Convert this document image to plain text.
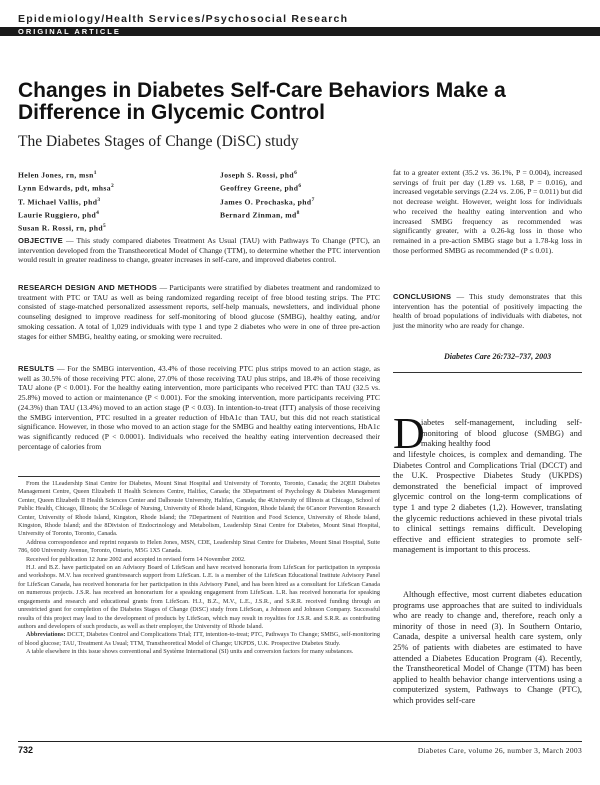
Epidemiology/Health Services/Psychosocial Research
ORIGINAL ARTICLE
Changes in Diabetes Self-Care Behaviors Make a Difference in Glycemic Control
The Diabetes Stages of Change (DiSC) study
Helen Jones, rn, msn$^1$
Lynn Edwards, pdt, mhsa$^2$
T. Michael Vallis, phd$^3$
Laurie Ruggiero, phd$^4$
Susan R. Rossi, rn, phd$^5$
Joseph S. Rossi, phd$^6$
Geoffrey Greene, phd$^6$
James O. Prochaska, phd$^7$
Bernard Zinman, $md^8$
OBJECTIVE — This study compared diabetes Treatment As Usual (TAU) with Pathways To Change (PTC), an intervention developed from the Transtheoretical Model of Change (TTM), to determine whether the PTC intervention would result in greater readiness to change, greater increases in self-care, and improved diabetes control.
RESEARCH DESIGN AND METHODS — Participants were stratified by diabetes treatment and randomized to treatment with PTC or TAU as well as being randomized regarding receipt of free blood testing strips. The PTC consisted of stage-matched personalized assessment reports, self-help manuals, newsletters, and individual phone counseling designed to improve readiness for self-monitoring of blood glucose (SMBG), healthy eating, and/or smoking cessation. A total of 1,029 individuals with type 1 and type 2 diabetes who were in one of three pre-action stages for either SMBG, healthy eating, or smoking were recruited.
RESULTS — For the SMBG intervention, 43.4% of those receiving PTC plus strips moved to an action stage, as well as 30.5% of those receiving PTC alone, 27.0% of those receiving TAU plus strips, and 18.4% of those receiving TAU alone (P < 0.001). For the healthy eating intervention, more participants who received PTC than TAU (32.5 vs. 25.8%) moved to action or maintenance (P < 0.001). For the smoking intervention, more participants receiving PTC (24.3%) than TAU (13.4%) moved to an action stage (P < 0.03). In intention-to-treat (ITT) analysis of those receiving the SMBG intervention, PTC resulted in a greater reduction of HbA1c than TAU, but this did not reach statistical significance. However, in those who moved to an action stage for the SMBG and healthy eating interventions, HbA1c was significantly reduced (P < 0.0001). Individuals who received the healthy eating intervention decreased their percentage of calories from
fat to a greater extent (35.2 vs. 36.1%, P = 0.004), increased servings of fruit per day (1.89 vs. 1.68, P = 0.016), and increased vegetable servings (2.24 vs. 2.06, P = 0.011) but did not decrease weight. However, weight loss for individuals who received the healthy eating intervention and who increased SMBG frequency as recommended was significantly greater, with a 0.26-kg loss in those who remained in a pre-action SMBG stage but a 1.78-kg loss in those performed SMBG as recommended (P ≤ 0.01).
CONCLUSIONS — This study demonstrates that this intervention has the potential of positively impacting the health of broad populations of individuals with diabetes, not just the minority who are ready for change.
Diabetes Care 26:732–737, 2003
From the 1Leadership Sinai Centre for Diabetes, Mount Sinai Hospital and University of Toronto, Toronto, Canada; the 2QEII Diabetes Management Centre, Queen Elizabeth II Health Sciences Centre, Halifax, Canada; the 3Department of Psychology & Diabetes Management Center, Queen Elizabeth II Health Sciences Center and Dalhousie University, Halifax, Canada; the 4University of Illinois at Chicago, School of Public Health, Chicago, Illinois; the 5College of Nursing, University of Rhode Island, Kingston, Rhode Island; the 6Cancer Prevention Research Center, University of Rhode Island, Kingston, Rhode Island; the 7Department of Nutrition and Food Science, University of Rhode Island, Kingston, Rhode Island; and the 8Division of Endocrinology and Metabolism, Leadership Sinai Centre for Diabetes, Mount Sinai Hospital, University of Toronto, Toronto, Canada.
Address correspondence and reprint requests to Helen Jones, MSN, CDE, Leadership Sinai Centre for Diabetes, Mount Sinai Hospital, Suite 786, 600 University Avenue, Toronto, Ontario, M5G 1X5 Canada.
Received for publication 12 June 2002 and accepted in revised form 14 November 2002.
H.J. and B.Z. have participated on an Advisory Board of LifeScan and have received honoraria from LifeScan for participation in symposia and workshops. M.V. has received grant/research support from LifeScan. L.E. is a member of the LifeScan Educational Institute Advisory Panel for LifeScan Canada, has received honoraria for her participation in this Advisory Panel, and has been hired as a consultant for LifeScan Canada on numerous projects. J.S.R. has received an honorarium for a speaking engagement from LifeScan. L.R. has received honoraria for speaking engagements and research and educational grants from LifeScan. H.J., B.Z., M.V., L.E., J.S.R., and S.R.R. received funding through an unrestricted grant for completion of the Diabetes Stages of Change (DiSC) study from LifeScan, a Johnson and Johnson Company. Successful results of this project may lead to the development of products by LifeScan, which may result in royalties for J.S.R. and S.R.R. as contributing authors and developers of such products, as well as their employer, the University of Rhode Island.
Abbreviations: DCCT, Diabetes Control and Complications Trial; ITT, intention-to-treat; PTC, Pathways To Change; SMBG, self-monitoring of blood glucose; TAU, Treatment As Usual; TTM, Transtheoretical Model of Change; UKPDS, U.K. Prospective Diabetes Study.
A table elsewhere in this issue shows conventional and Système International (SI) units and conversion factors for many substances.
D
iabetes self-management, including self-monitoring of blood glucose (SMBG) and making healthy food
and lifestyle choices, is complex and demanding. The Diabetes Control and Complications Trial (DCCT) and the U.K. Prospective Diabetes Study (UKPDS) demonstrated the beneficial impact of improved glycemic control on the long-term complications of type 1 and type 2 diabetes (1,2). However, translating the glycemic reductions achieved in these pivotal trials to clinical settings remains difficult. Developing effective and efficient strategies to promote self-management is important to this process.
Although effective, most current diabetes education programs use approaches that are suited to individuals who are ready to change and, therefore, reach only a minority of those in need (3). In Southern Ontario, Canada, despite a universal health care system, only 25% of patients with diabetes are estimated to have attended a Diabetes Education Program (4). Recently, the Transtheoretical Model of Change (TTM) has been applied to health behavior change interventions using a computerized system, Pathways to Change (PTC), which provides self-care
732	Diabetes Care, volume 26, number 3, March 2003
